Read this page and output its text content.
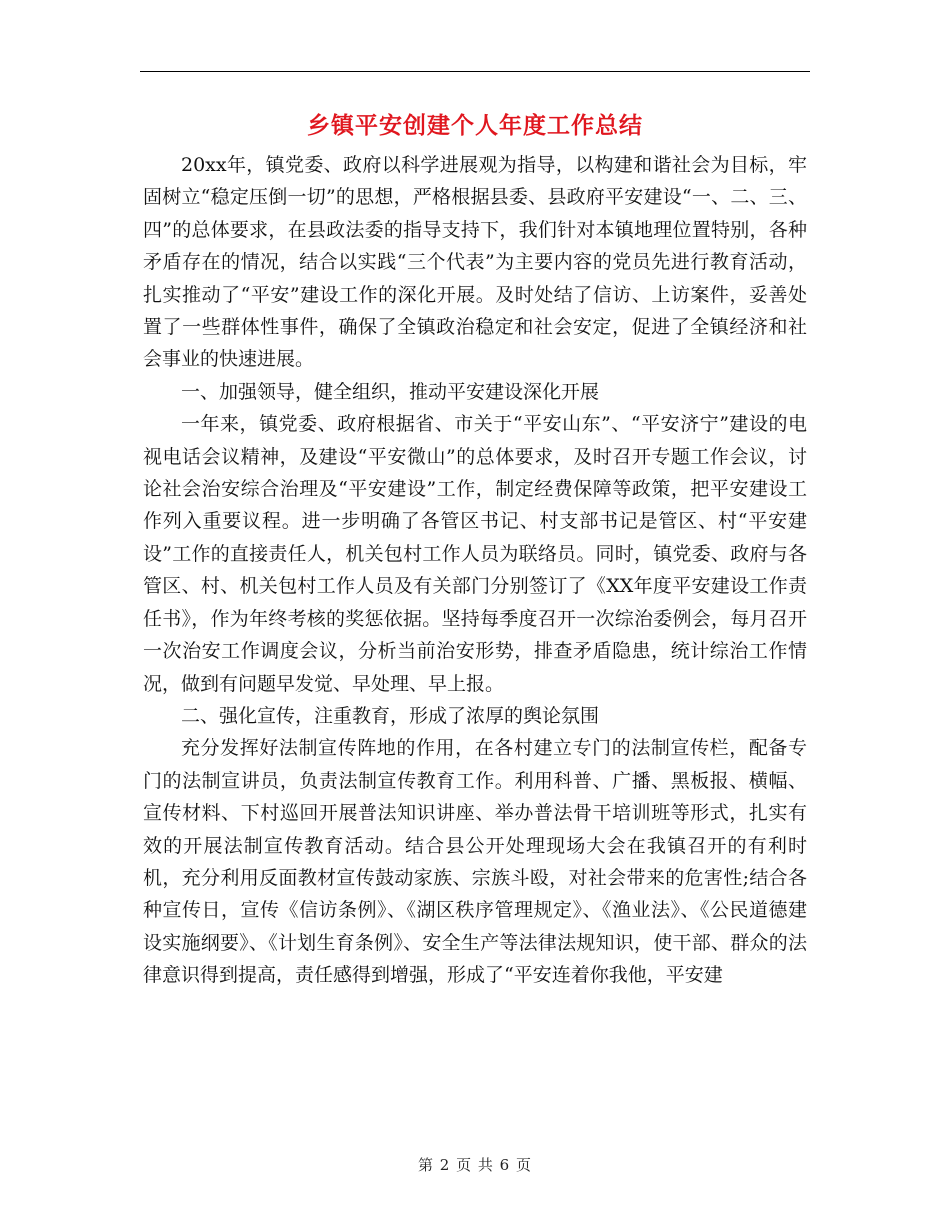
乡镇平安创建个人年度工作总结

20xx年，镇党委、政府以科学进展观为指导，以构建和谐社会为目标，牢固树立“稳定压倒一切”的思想，严格根据县委、县政府平安建设“一、二、三、四”的总体要求，在县政法委的指导支持下，我们针对本镇地理位置特别，各种矛盾存在的情况，结合以实践“三个代表”为主要内容的党员先进行教育活动，扎实推动了“平安”建设工作的深化开展。及时处结了信访、上访案件，妥善处置了一些群体性事件，确保了全镇政治稳定和社会安定，促进了全镇经济和社会事业的快速进展。

一、加强领导，健全组织，推动平安建设深化开展

一年来，镇党委、政府根据省、市关于“平安山东”、“平安济宁”建设的电视电话会议精神，及建设“平安微山”的总体要求，及时召开专题工作会议，讨论社会治安综合治理及“平安建设”工作，制定经费保障等政策，把平安建设工作列入重要议程。进一步明确了各管区书记、村支部书记是管区、村“平安建设”工作的直接责任人，机关包村工作人员为联络员。同时，镇党委、政府与各管区、村、机关包村工作人员及有关部门分别签订了《XX年度平安建设工作责任书》，作为年终考核的奖惩依据。坚持每季度召开一次综治委例会，每月召开一次治安工作调度会议，分析当前治安形势，排查矛盾隐患，统计综治工作情况，做到有问题早发觉、早处理、早上报。

二、强化宣传，注重教育，形成了浓厚的舆论氛围

充分发挥好法制宣传阵地的作用，在各村建立专门的法制宣传栏，配备专门的法制宣讲员，负责法制宣传教育工作。利用科普、广播、黑板报、横幅、宣传材料、下村巡回开展普法知识讲座、举办普法骨干培训班等形式，扎实有效的开展法制宣传教育活动。结合县公开处理现场大会在我镇召开的有利时机，充分利用反面教材宣传鼓动家族、宗族斗殴，对社会带来的危害性;结合各种宣传日，宣传《信访条例》、《湖区秩序管理规定》、《渔业法》、《公民道德建设实施纲要》、《计划生育条例》、安全生产等法律法规知识，使干部、群众的法律意识得到提高，责任感得到增强，形成了“平安连着你我他，平安建

第 2 页 共 6 页
